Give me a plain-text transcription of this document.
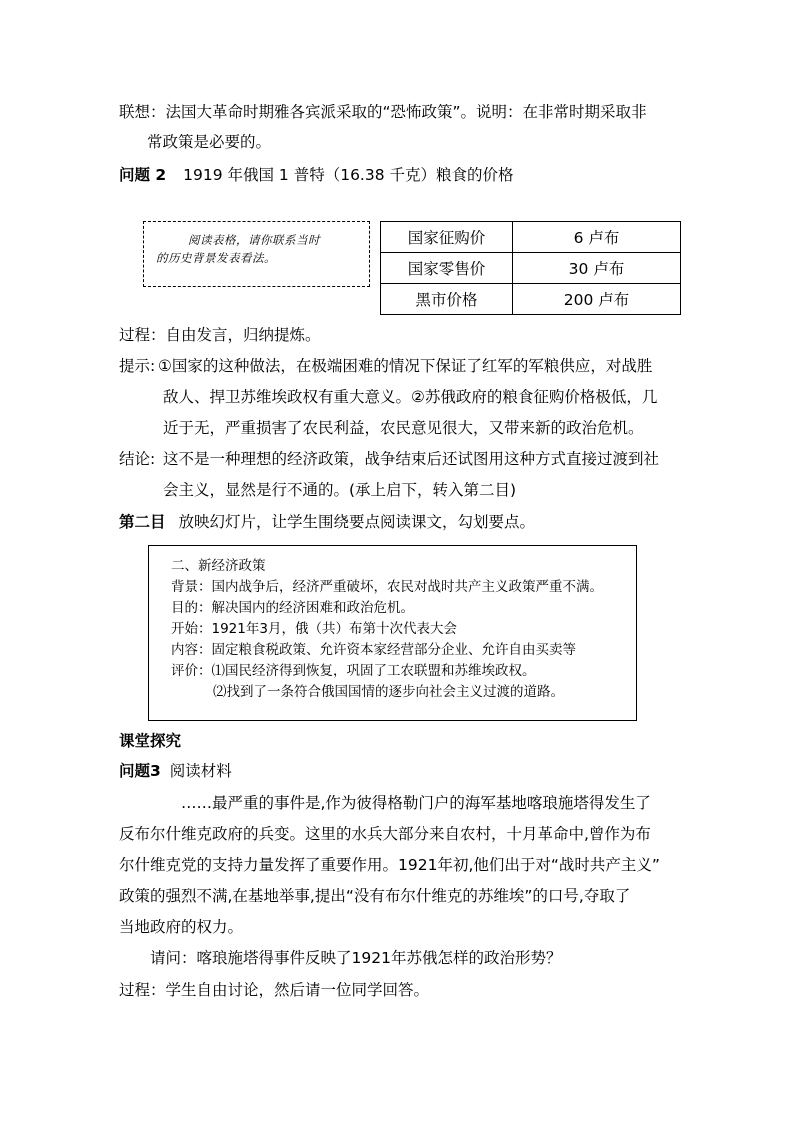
联想：法国大革命时期雅各宾派采取的“恐怖政策”。说明：在非常时期采取非
常政策是必要的。
问题 2 1919 年俄国 1 普特（16.38 千克）粮食的价格
阅读表格，请你联系当时
的历史背景发表看法。
国家征购价	6 卢布
国家零售价	30 卢布
黑市价格	200 卢布
过程：自由发言，归纳提炼。
提示: ①国家的这种做法，在极端困难的情况下保证了红军的军粮供应，对战胜
敌人、捍卫苏维埃政权有重大意义。②苏俄政府的粮食征购价格极低，几
近于无，严重损害了农民利益，农民意见很大，又带来新的政治危机。
结论: 这不是一种理想的经济政策，战争结束后还试图用这种方式直接过渡到社
会主义，显然是行不通的。(承上启下，转入第二目)
第二目 放映幻灯片，让学生围绕要点阅读课文，勾划要点。
二、新经济政策
背景：国内战争后，经济严重破坏，农民对战时共产主义政策严重不满。
目的：解决国内的经济困难和政治危机。
开始：1921年3月，俄（共）布第十次代表大会
内容：固定粮食税政策、允许资本家经营部分企业、允许自由买卖等
评价：⑴国民经济得到恢复，巩固了工农联盟和苏维埃政权。
⑵找到了一条符合俄国国情的逐步向社会主义过渡的道路。
课堂探究
问题3 阅读材料
……最严重的事件是,作为彼得格勒门户的海军基地喀琅施塔得发生了
反布尔什维克政府的兵变。这里的水兵大部分来自农村，十月革命中,曾作为布
尔什维克党的支持力量发挥了重要作用。1921年初,他们出于对“战时共产主义”
政策的强烈不满,在基地举事,提出“没有布尔什维克的苏维埃”的口号,夺取了
当地政府的权力。
请问：喀琅施塔得事件反映了1921年苏俄怎样的政治形势？
过程：学生自由讨论，然后请一位同学回答。
